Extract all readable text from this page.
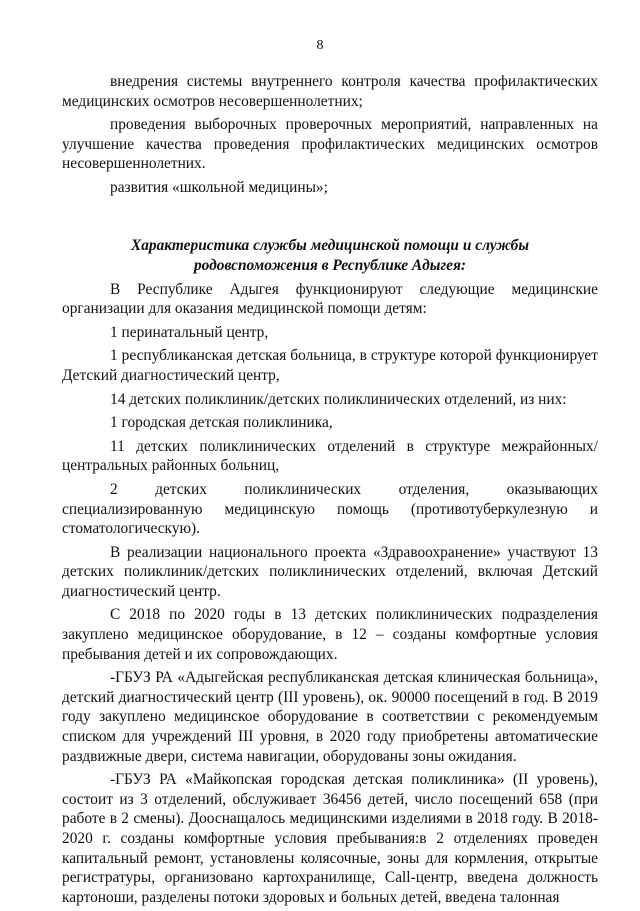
8

внедрения системы внутреннего контроля качества профилактических медицинских осмотров несовершеннолетних;

проведения выборочных проверочных мероприятий, направленных на улучшение качества проведения профилактических медицинских осмотров несовершеннолетних.

развития «школьной медицины»;

Характеристика службы медицинской помощи и службы
родовспоможения в Республике Адыгея:

В Республике Адыгея функционируют следующие медицинские организации для оказания медицинской помощи детям:

1 перинатальный центр,

1 республиканская детская больница, в структуре которой функционирует Детский диагностический центр,

14 детских поликлиник/детских поликлинических отделений, из них:

1 городская детская поликлиника,

11 детских поликлинических отделений в структуре межрайонных/центральных районных больниц,

2 детских поликлинических отделения, оказывающих специализированную медицинскую помощь (противотуберкулезную и стоматологическую).

В реализации национального проекта «Здравоохранение» участвуют 13 детских поликлиник/детских поликлинических отделений, включая Детский диагностический центр.

С 2018 по 2020 годы в 13 детских поликлинических подразделения закуплено медицинское оборудование, в 12 – созданы комфортные условия пребывания детей и их сопровождающих.

-ГБУЗ РА «Адыгейская республиканская детская клиническая больница», детский диагностический центр (III уровень), ок. 90000 посещений в год. В 2019 году закуплено медицинское оборудование в соответствии с рекомендуемым списком для учреждений III уровня, в 2020 году приобретены автоматические раздвижные двери, система навигации, оборудованы зоны ожидания.

-ГБУЗ РА «Майкопская городская детская поликлиника» (II уровень), состоит из 3 отделений, обслуживает 36456 детей, число посещений 658 (при работе в 2 смены). Дооснащалось медицинскими изделиями в 2018 году. В 2018-2020 г. созданы комфортные условия пребывания:в 2 отделениях проведен капитальный ремонт, установлены колясочные, зоны для кормления, открытые регистратуры, организовано картохранилище, Call-центр, введена должность картоноши, разделены потоки здоровых и больных детей, введена талонная
